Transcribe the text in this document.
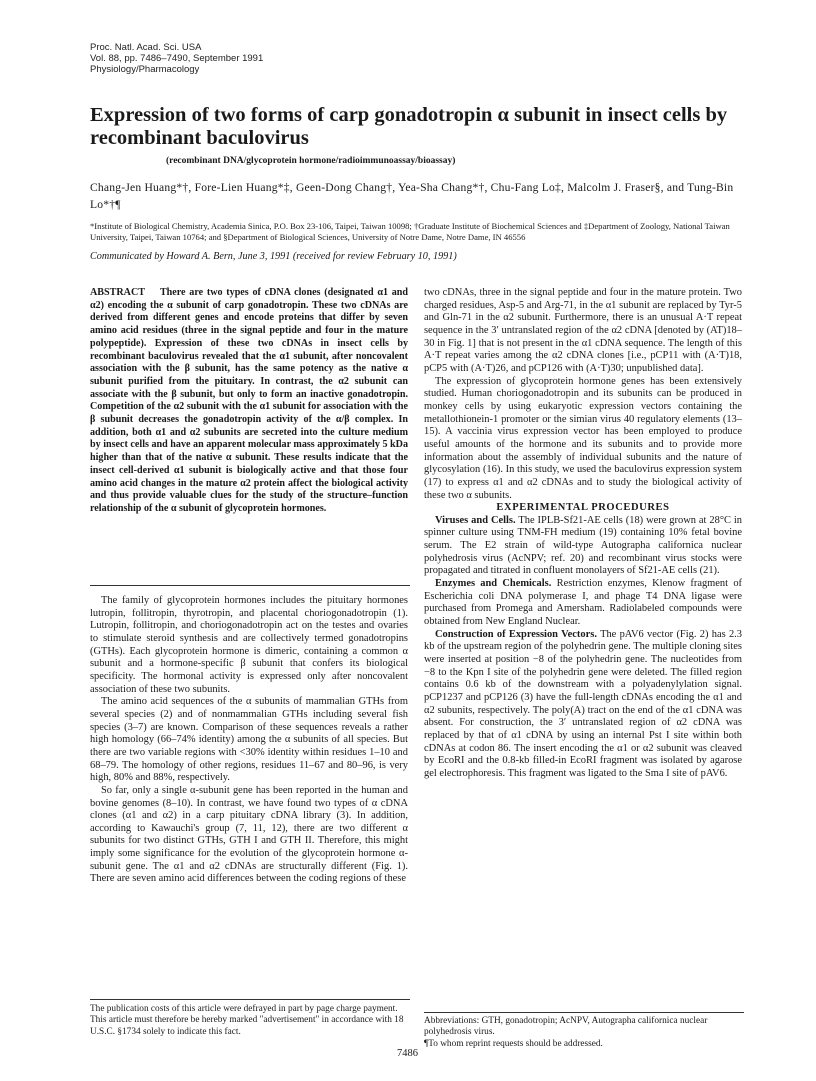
Proc. Natl. Acad. Sci. USA
Vol. 88, pp. 7486–7490, September 1991
Physiology/Pharmacology
Expression of two forms of carp gonadotropin α subunit in insect cells by recombinant baculovirus
(recombinant DNA/glycoprotein hormone/radioimmunoassay/bioassay)
Chang-Jen Huang*†, Fore-Lien Huang*‡, Geen-Dong Chang†, Yea-Sha Chang*†, Chu-Fang Lo‡, Malcolm J. Fraser§, and Tung-Bin Lo*†¶
*Institute of Biological Chemistry, Academia Sinica, P.O. Box 23-106, Taipei, Taiwan 10098; †Graduate Institute of Biochemical Sciences and ‡Department of Zoology, National Taiwan University, Taipei, Taiwan 10764; and §Department of Biological Sciences, University of Notre Dame, Notre Dame, IN 46556
Communicated by Howard A. Bern, June 3, 1991 (received for review February 10, 1991)

ABSTRACT There are two types of cDNA clones (designated α1 and α2) encoding the α subunit of carp gonadotropin. These two cDNAs are derived from different genes and encode proteins that differ by seven amino acid residues (three in the signal peptide and four in the mature polypeptide). Expression of these two cDNAs in insect cells by recombinant baculovirus revealed that the α1 subunit, after noncovalent association with the β subunit, has the same potency as the native α subunit purified from the pituitary. In contrast, the α2 subunit can associate with the β subunit, but only to form an inactive gonadotropin. Competition of the α2 subunit with the α1 subunit for association with the β subunit decreases the gonadotropin activity of the α/β complex. In addition, both α1 and α2 subunits are secreted into the culture medium by insect cells and have an apparent molecular mass approximately 5 kDa higher than that of the native α subunit. These results indicate that the insect cell-derived α1 subunit is biologically active and that those four amino acid changes in the mature α2 protein affect the biological activity and thus provide valuable clues for the study of the structure–function relationship of the α subunit of glycoprotein hormones.

The family of glycoprotein hormones includes the pituitary hormones lutropin, follitropin, thyrotropin, and placental choriogonadotropin (1). Lutropin, follitropin, and choriogonadotropin act on the testes and ovaries to stimulate steroid synthesis and are collectively termed gonadotropins (GTHs). Each glycoprotein hormone is dimeric, containing a common α subunit and a hormone-specific β subunit that confers its biological specificity. The hormonal activity is expressed only after noncovalent association of these two subunits.

The amino acid sequences of the α subunits of mammalian GTHs from several species (2) and of nonmammalian GTHs including several fish species (3–7) are known. Comparison of these sequences reveals a rather high homology (66–74% identity) among the α subunits of all species. But there are two variable regions with <30% identity within residues 1–10 and 68–79. The homology of other regions, residues 11–67 and 80–96, is very high, 80% and 88%, respectively.

So far, only a single α-subunit gene has been reported in the human and bovine genomes (8–10). In contrast, we have found two types of α cDNA clones (α1 and α2) in a carp pituitary cDNA library (3). In addition, according to Kawauchi's group (7, 11, 12), there are two different α subunits for two distinct GTHs, GTH I and GTH II. Therefore, this might imply some significance for the evolution of the glycoprotein hormone α-subunit gene. The α1 and α2 cDNAs are structurally different (Fig. 1). There are seven amino acid differences between the coding regions of these

two cDNAs, three in the signal peptide and four in the mature protein. Two charged residues, Asp-5 and Arg-71, in the α1 subunit are replaced by Tyr-5 and Gln-71 in the α2 subunit. Furthermore, there is an unusual A·T repeat sequence in the 3′ untranslated region of the α2 cDNA [denoted by (AT)18–30 in Fig. 1] that is not present in the α1 cDNA sequence. The length of this A·T repeat varies among the α2 cDNA clones [i.e., pCP11 with (A·T)18, pCP5 with (A·T)26, and pCP126 with (A·T)30; unpublished data].

The expression of glycoprotein hormone genes has been extensively studied. Human choriogonadotropin and its subunits can be produced in monkey cells by using eukaryotic expression vectors containing the metallothionein-1 promoter or the simian virus 40 regulatory elements (13–15). A vaccinia virus expression vector has been employed to produce useful amounts of the hormone and its subunits and to provide more information about the assembly of individual subunits and the nature of glycosylation (16). In this study, we used the baculovirus expression system (17) to express α1 and α2 cDNAs and to study the biological activity of these two α subunits.

EXPERIMENTAL PROCEDURES

Viruses and Cells. The IPLB-Sf21-AE cells (18) were grown at 28°C in spinner culture using TNM-FH medium (19) containing 10% fetal bovine serum. The E2 strain of wild-type Autographa californica nuclear polyhedrosis virus (AcNPV; ref. 20) and recombinant virus stocks were propagated and titrated in confluent monolayers of Sf21-AE cells (21).

Enzymes and Chemicals. Restriction enzymes, Klenow fragment of Escherichia coli DNA polymerase I, and phage T4 DNA ligase were purchased from Promega and Amersham. Radiolabeled compounds were obtained from New England Nuclear.

Construction of Expression Vectors. The pAV6 vector (Fig. 2) has 2.3 kb of the upstream region of the polyhedrin gene. The multiple cloning sites were inserted at position −8 of the polyhedrin gene. The nucleotides from −8 to the Kpn I site of the polyhedrin gene were deleted. The filled region contains 0.6 kb of the downstream with a polyadenylylation signal. pCP1237 and pCP126 (3) have the full-length cDNAs encoding the α1 and α2 subunits, respectively. The poly(A) tract on the end of the α1 cDNA was absent. For construction, the 3′ untranslated region of α2 cDNA was replaced by that of α1 cDNA by using an internal Pst I site within both cDNAs at codon 86. The insert encoding the α1 or α2 subunit was cleaved by EcoRI and the 0.8-kb filled-in EcoRI fragment was isolated by agarose gel electrophoresis. This fragment was ligated to the Sma I site of pAV6.

The publication costs of this article were defrayed in part by page charge payment. This article must therefore be hereby marked "advertisement" in accordance with 18 U.S.C. §1734 solely to indicate this fact.
Abbreviations: GTH, gonadotropin; AcNPV, Autographa californica nuclear polyhedrosis virus.
¶To whom reprint requests should be addressed.
7486
